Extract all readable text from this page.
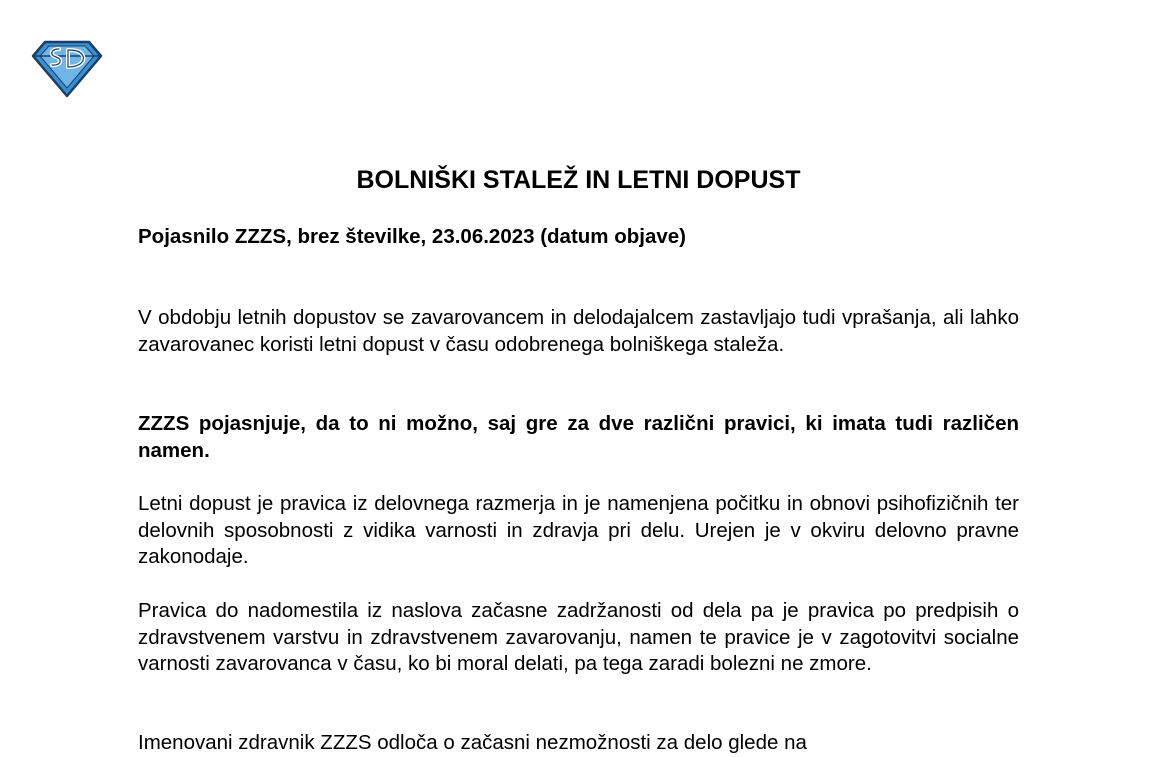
BOLNIŠKI STALEŽ IN LETNI DOPUST
Pojasnilo ZZZS, brez številke, 23.06.2023 (datum objave)

V obdobju letnih dopustov se zavarovancem in delodajalcem zastavljajo tudi vprašanja, ali lahko zavarovanec koristi letni dopust v času odobrenega bolniškega staleža.

ZZZS pojasnjuje, da to ni možno, saj gre za dve različni pravici, ki imata tudi različen namen.

Letni dopust je pravica iz delovnega razmerja in je namenjena počitku in obnovi psihofizičnih ter delovnih sposobnosti z vidika varnosti in zdravja pri delu. Urejen je v okviru delovno pravne zakonodaje.

Pravica do nadomestila iz naslova začasne zadržanosti od dela pa je pravica po predpisih o zdravstvenem varstvu in zdravstvenem zavarovanju, namen te pravice je v zagotovitvi socialne varnosti zavarovanca v času, ko bi moral delati, pa tega zaradi bolezni ne zmore.

Imenovani zdravnik ZZZS odloča o začasni nezmožnosti za delo glede na
